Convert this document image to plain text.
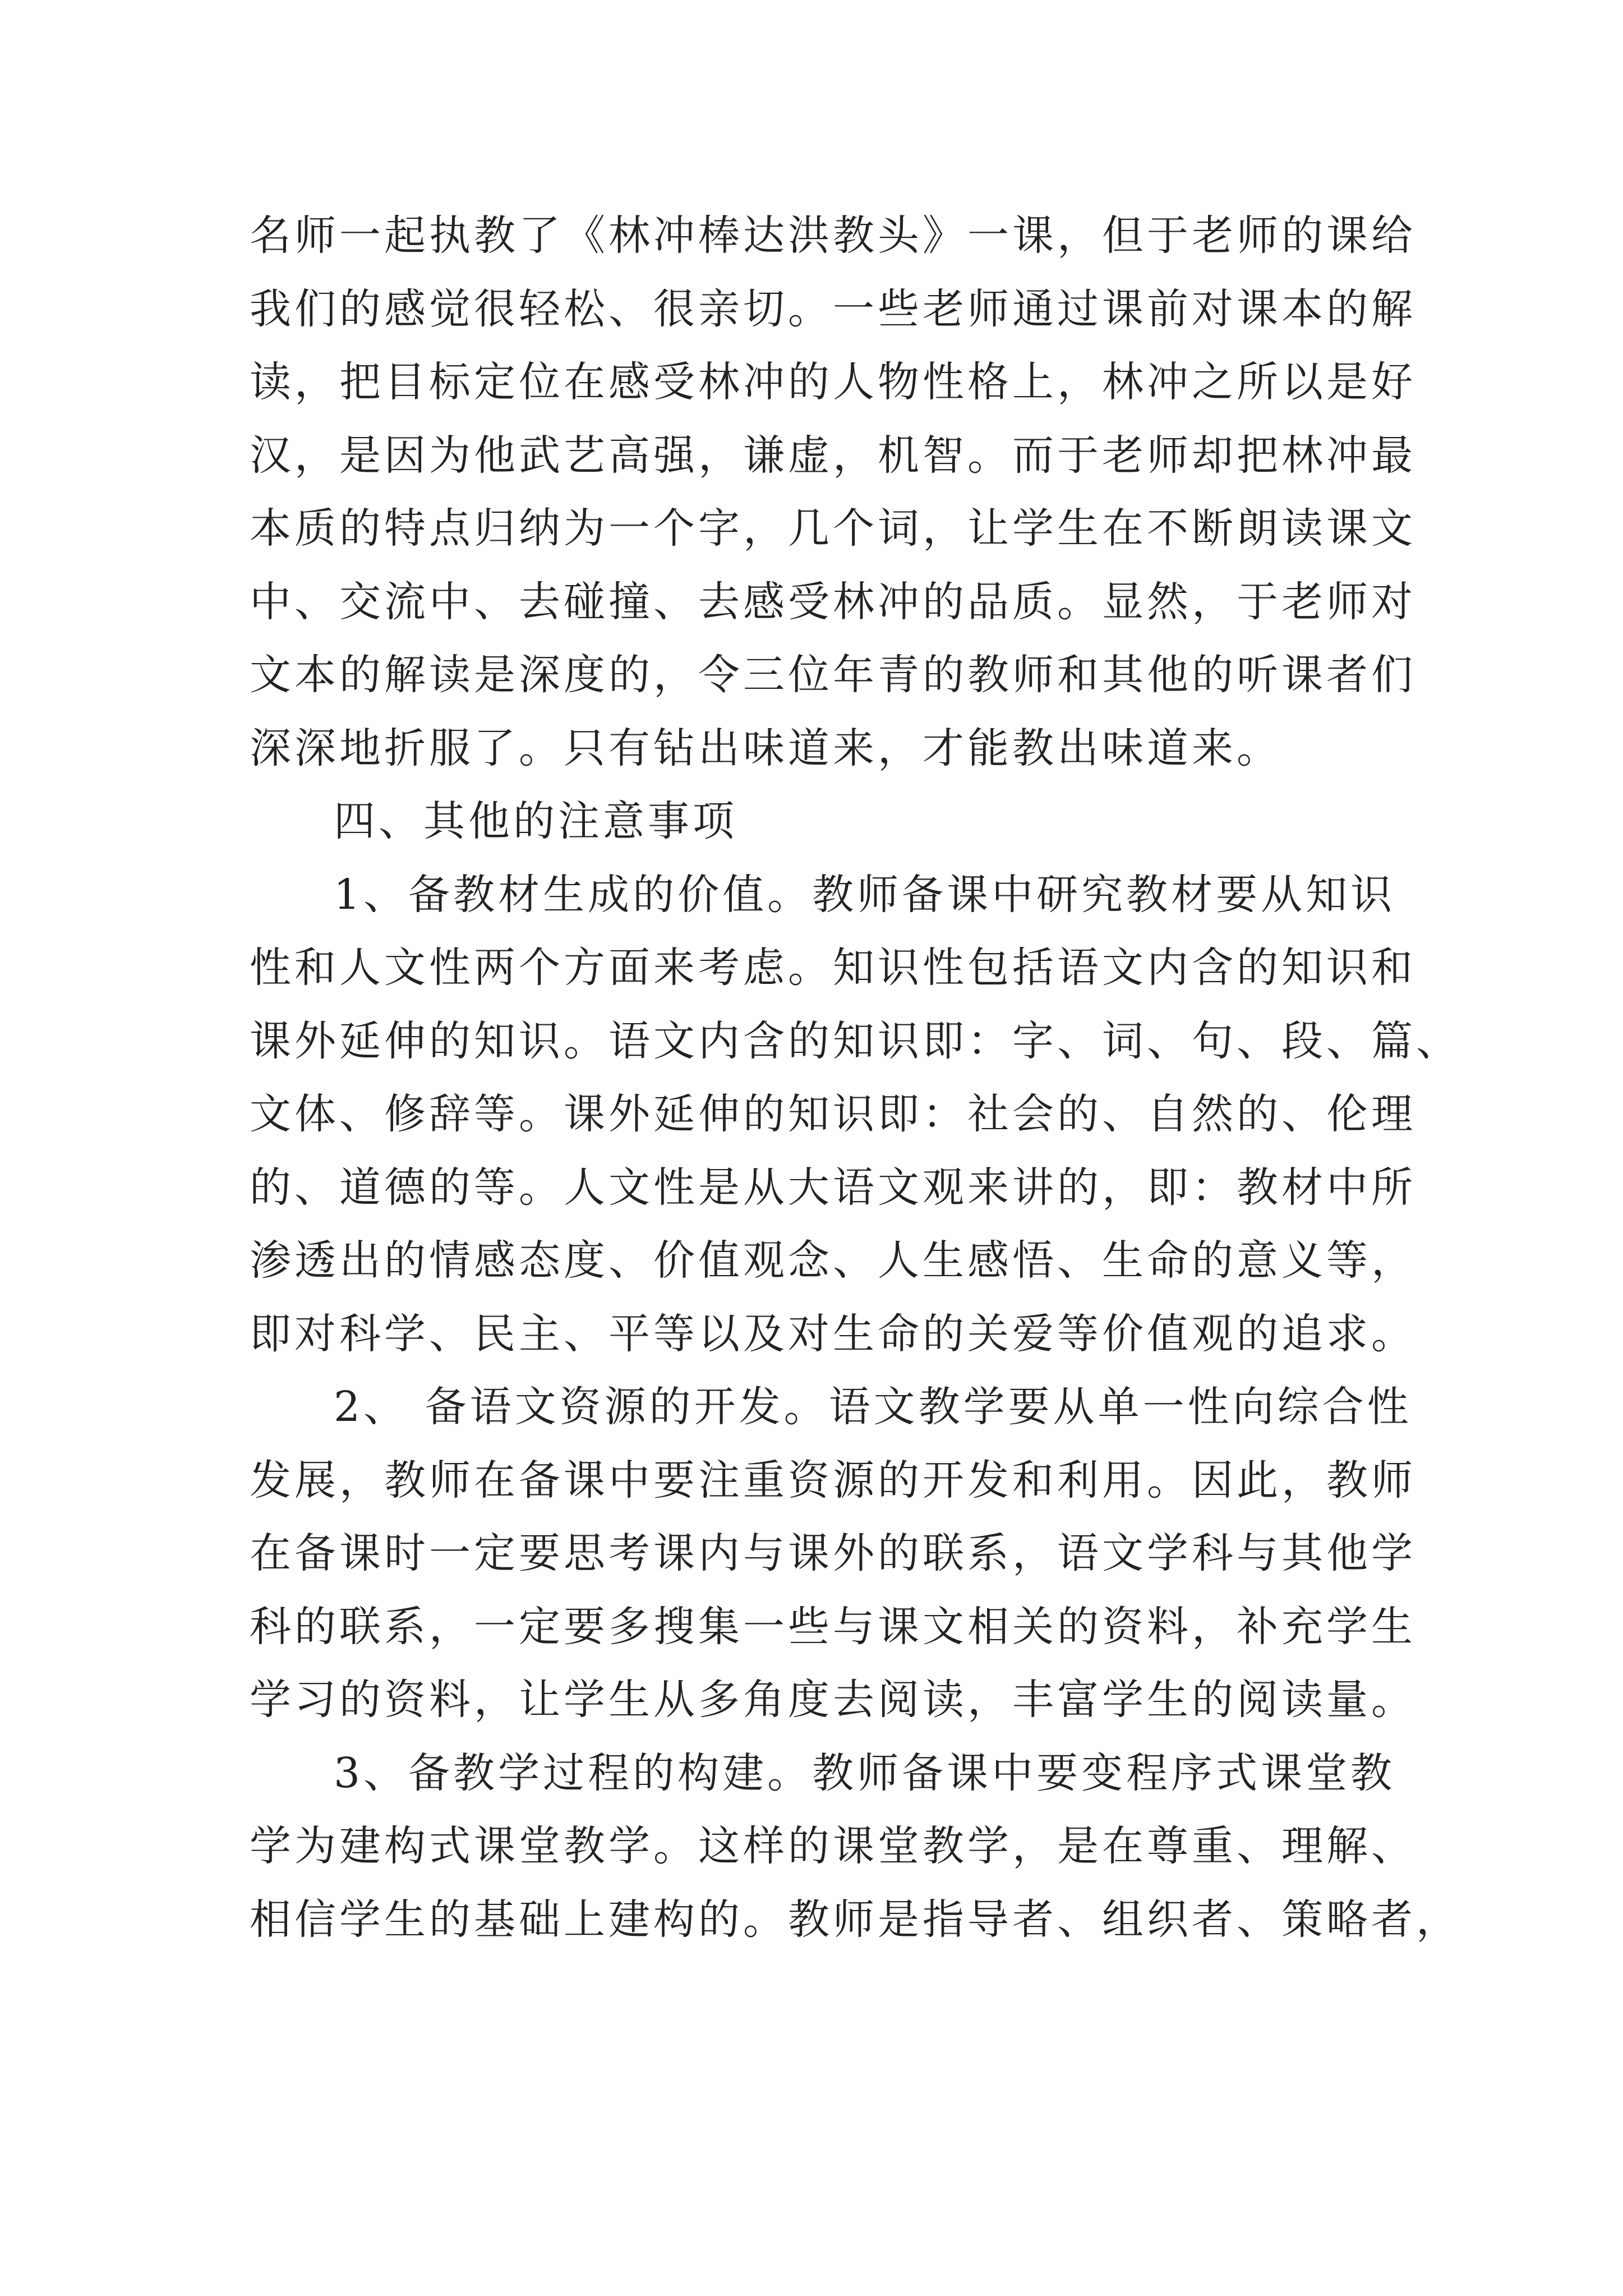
名师一起执教了《林冲棒达洪教头》一课，但于老师的课给
我们的感觉很轻松、很亲切。一些老师通过课前对课本的解
读，把目标定位在感受林冲的人物性格上，林冲之所以是好
汉，是因为他武艺高强，谦虚，机智。而于老师却把林冲最
本质的特点归纳为一个字，几个词，让学生在不断朗读课文
中、交流中、去碰撞、去感受林冲的品质。显然，于老师对
文本的解读是深度的，令三位年青的教师和其他的听课者们
深深地折服了。只有钻出味道来，才能教出味道来。
四、其他的注意事项
1、备教材生成的价值。教师备课中研究教材要从知识
性和人文性两个方面来考虑。知识性包括语文内含的知识和
课外延伸的知识。语文内含的知识即：字、词、句、段、篇、
文体、修辞等。课外延伸的知识即：社会的、自然的、伦理
的、道德的等。人文性是从大语文观来讲的，即：教材中所
渗透出的情感态度、价值观念、人生感悟、生命的意义等，
即对科学、民主、平等以及对生命的关爱等价值观的追求。
2、 备语文资源的开发。语文教学要从单一性向综合性
发展，教师在备课中要注重资源的开发和利用。因此，教师
在备课时一定要思考课内与课外的联系，语文学科与其他学
科的联系，一定要多搜集一些与课文相关的资料，补充学生
学习的资料，让学生从多角度去阅读，丰富学生的阅读量。
3、备教学过程的构建。教师备课中要变程序式课堂教
学为建构式课堂教学。这样的课堂教学，是在尊重、理解、
相信学生的基础上建构的。教师是指导者、组织者、策略者，
